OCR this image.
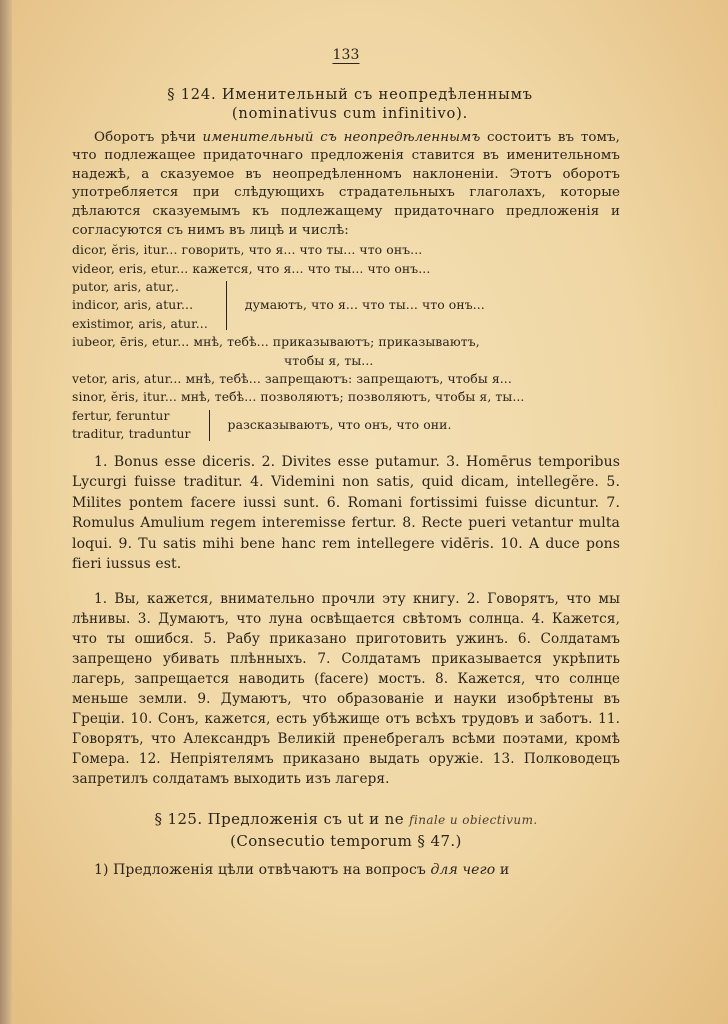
133
§ 124. Именительный съ неопредѣленнымъ
(nominativus cum infinitivo).

Оборотъ рѣчи именительный съ неопредѣленнымъ состоитъ въ томъ, что подлежащее придаточнаго предложенія ставится въ именительномъ надежѣ, а сказуемое въ неопредѣленномъ наклоненіи. Этотъ оборотъ употребляется при слѣдующихъ страдательныхъ глаголахъ, которые дѣлаются сказуемымъ къ подлежащему придаточнаго предложенія и согласуются съ нимъ въ лицѣ и числѣ:

dicor, ĕris, itur...
говорить, что я... что ты... что онъ...
videor, eris, etur...
кажется, что я... что ты... что онъ...
putor, aris, atur,.
indicor, aris, atur...
existimor, aris, atur...
думаютъ, что я... что ты... что онъ...
iubeor, ēris, etur...
мнѣ, тебѣ... приказываютъ; приказываютъ,
чтобы я, ты...
vetor, aris, atur... мнѣ, тебѣ... запрещаютъ: запрещаютъ, чтобы я...
sinor, ĕris, itur... мнѣ, тебѣ... позволяютъ; позволяютъ, чтобы я, ты...
fertur, feruntur
traditur, traduntur
разсказываютъ, что онъ, что они.

1. Bonus esse diceris. 2. Divites esse putamur. 3. Homērus temporibus Lycurgi fuisse traditur. 4. Videmini non satis, quid dicam, intellegĕre. 5. Milites pontem facere iussi sunt. 6. Romani fortissimi fuisse dicuntur. 7. Romulus Amulium regem interemisse fertur. 8. Recte pueri vetantur multa loqui. 9. Tu satis mihi bene hanc rem intellegere vidēris. 10. A duce pons fieri iussus est.

1. Вы, кажется, внимательно прочли эту книгу. 2. Говорятъ, что мы лѣнивы. 3. Думаютъ, что луна освѣщается свѣтомъ солнца. 4. Кажется, что ты ошибся. 5. Рабу приказано приготовить ужинъ. 6. Солдатамъ запрещено убивать плѣнныхъ. 7. Солдатамъ приказывается укрѣпить лагерь, запрещается наводить (facere) мостъ. 8. Кажется, что солнце меньше земли. 9. Думаютъ, что образованіе и науки изобрѣтены въ Греціи. 10. Сонъ, кажется, есть убѣжище отъ всѣхъ трудовъ и заботъ. 11. Говорятъ, что Александръ Великій пренебрегалъ всѣми поэтами, кромѣ Гомера. 12. Непріятелямъ приказано выдать оружіе. 13. Полководецъ запретилъ солдатамъ выходить изъ лагеря.

§ 125. Предложенія съ ut и ne finale и obiectivum.
(Consecutio temporum § 47.)

1) Предложенія цѣли отвѣчаютъ на вопросъ для чего и
